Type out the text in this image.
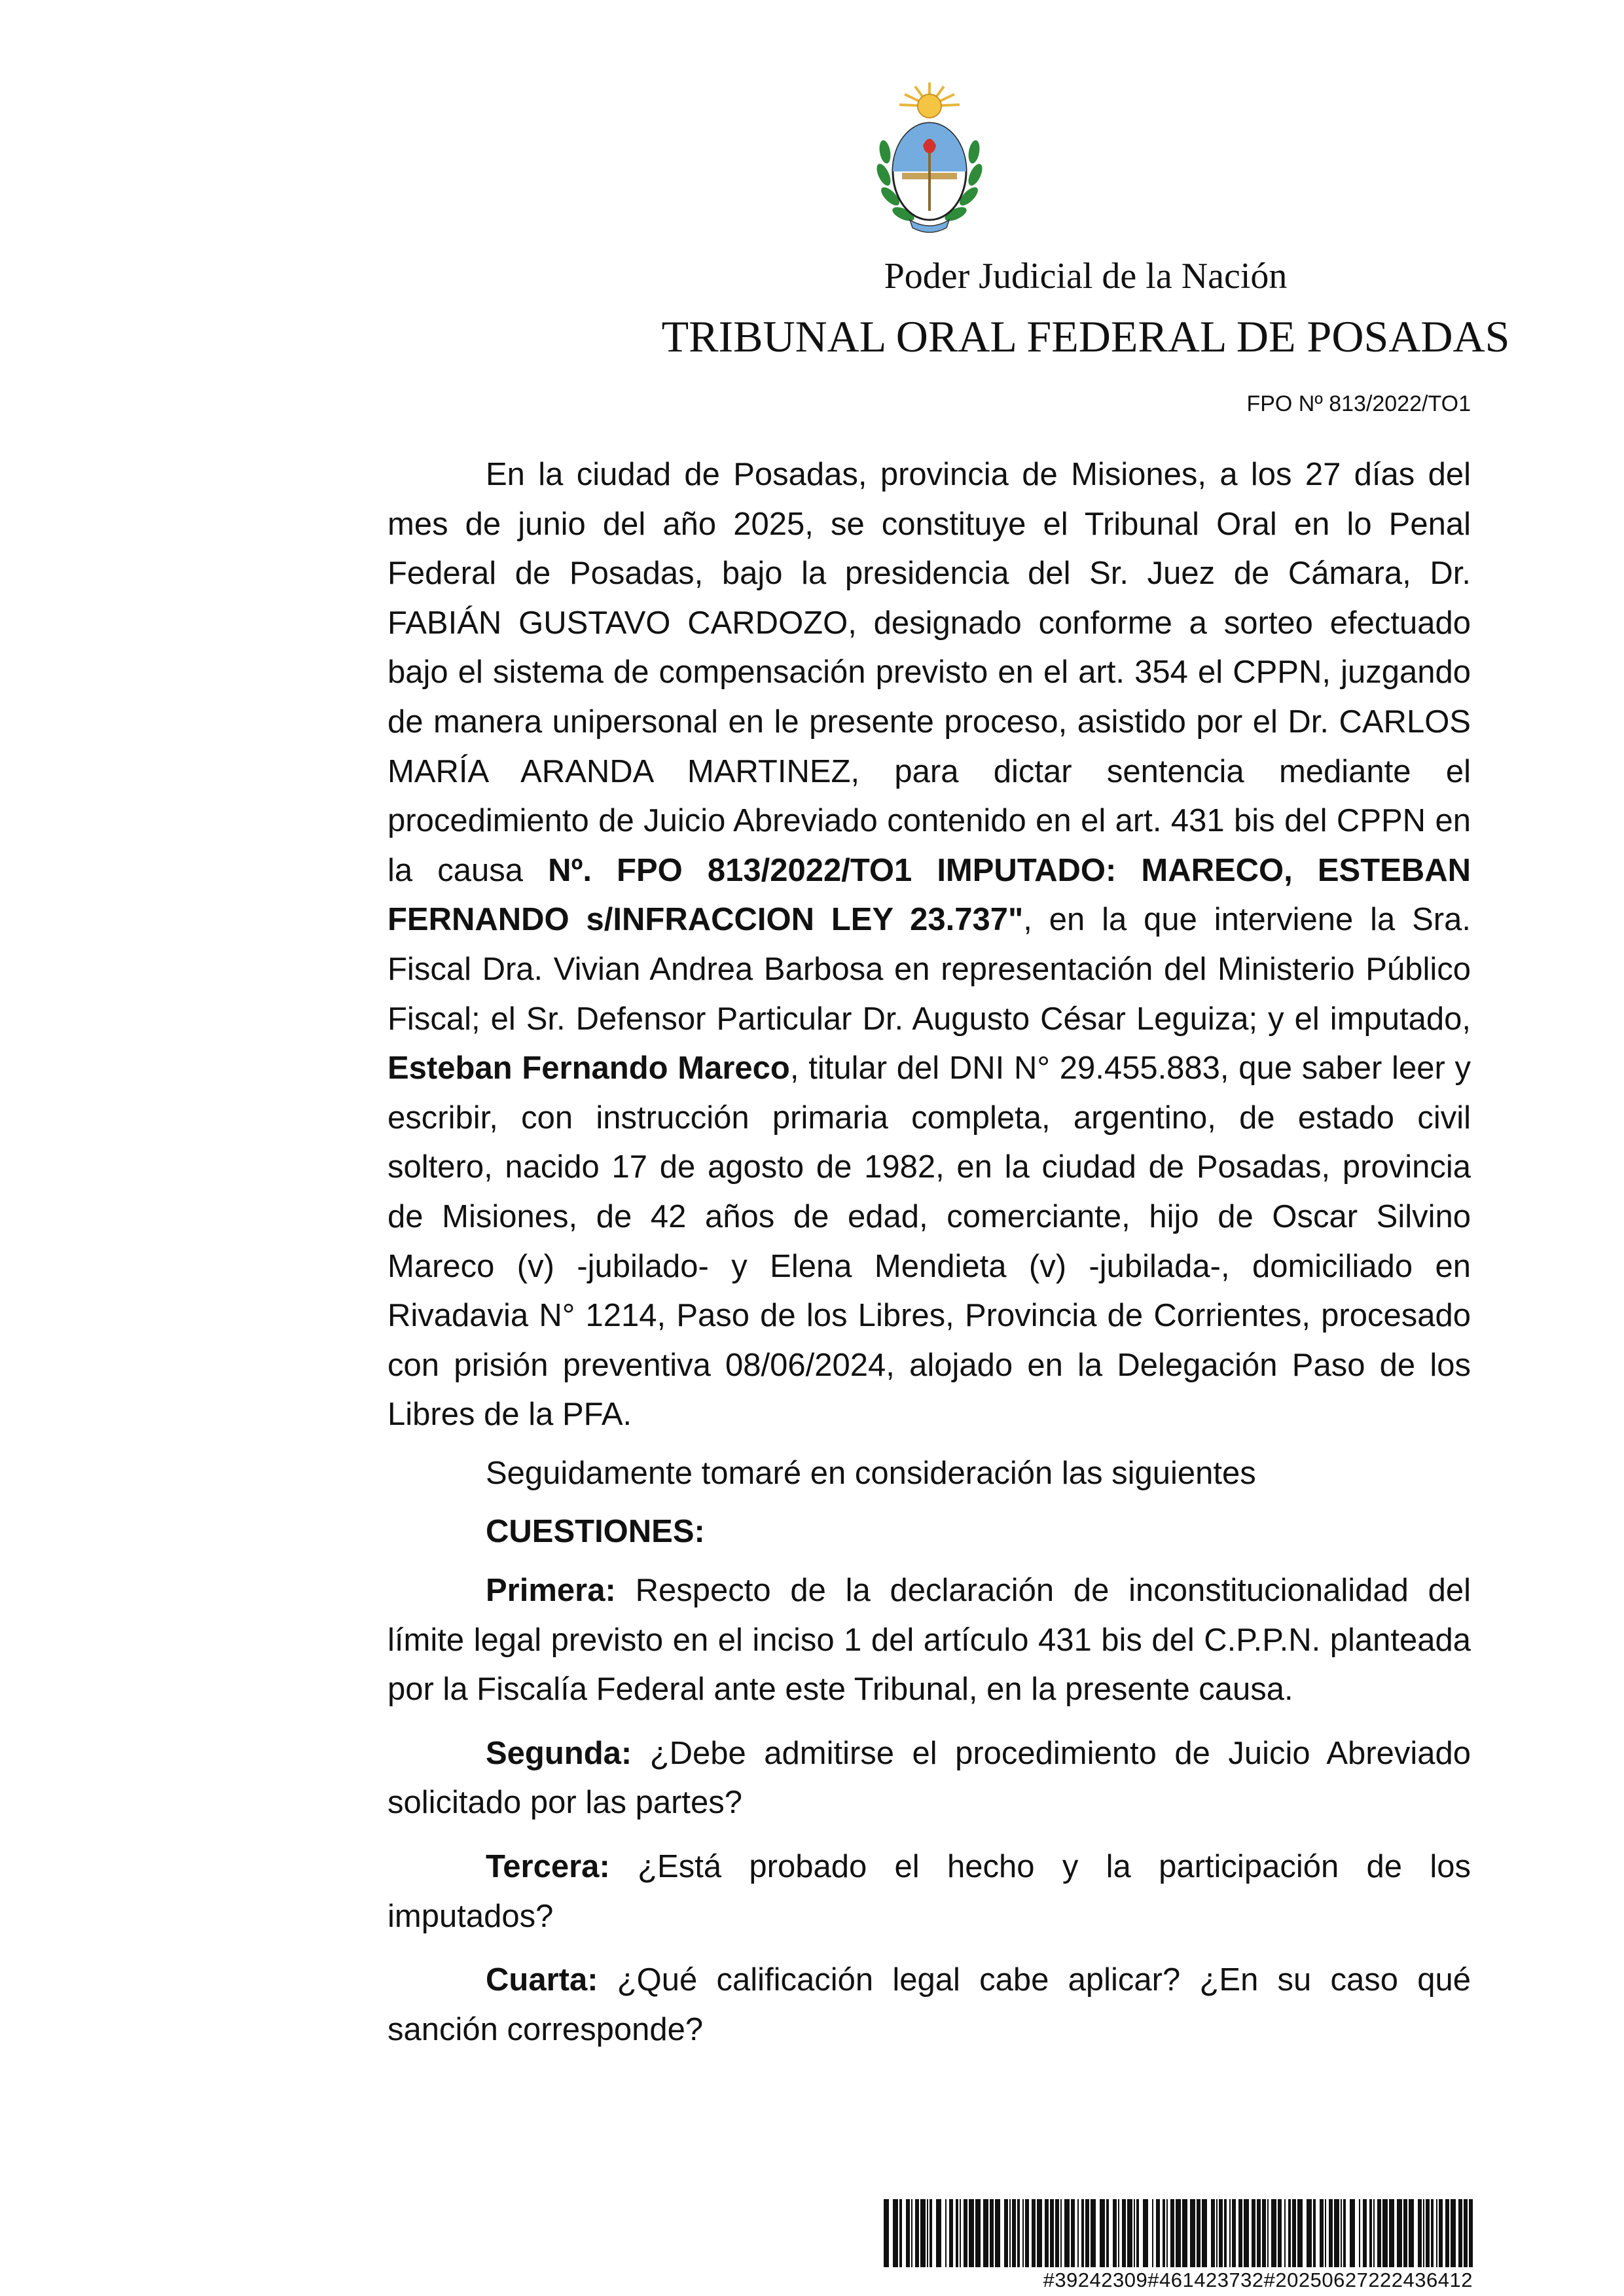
Poder Judicial de la Nación
TRIBUNAL ORAL FEDERAL DE POSADAS
FPO Nº 813/2022/TO1

En la ciudad de Posadas, provincia de Misiones, a los 27 días del mes de junio del año 2025, se constituye el Tribunal Oral en lo Penal Federal de Posadas, bajo la presidencia del Sr. Juez de Cámara, Dr. FABIÁN GUSTAVO CARDOZO, designado conforme a sorteo efectuado bajo el sistema de compensación previsto en el art. 354 el CPPN, juzgando de manera unipersonal en le presente proceso, asistido por el Dr. CARLOS MARÍA ARANDA MARTINEZ, para dictar sentencia mediante el procedimiento de Juicio Abreviado contenido en el art. 431 bis del CPPN en la causa Nº. FPO 813/2022/TO1 IMPUTADO: MARECO, ESTEBAN FERNANDO s/INFRACCION LEY 23.737", en la que interviene la Sra. Fiscal Dra. Vivian Andrea Barbosa en representación del Ministerio Público Fiscal; el Sr. Defensor Particular Dr. Augusto César Leguiza; y el imputado, Esteban Fernando Mareco, titular del DNI N° 29.455.883, que saber leer y escribir, con instrucción primaria completa, argentino, de estado civil soltero, nacido 17 de agosto de 1982, en la ciudad de Posadas, provincia de Misiones, de 42 años de edad, comerciante, hijo de Oscar Silvino Mareco (v) -jubilado- y Elena Mendieta (v) -jubilada-, domiciliado en Rivadavia N° 1214, Paso de los Libres, Provincia de Corrientes, procesado con prisión preventiva 08/06/2024, alojado en la Delegación Paso de los Libres de la PFA.

Seguidamente tomaré en consideración las siguientes

CUESTIONES:

Primera: Respecto de la declaración de inconstitucionalidad del límite legal previsto en el inciso 1 del artículo 431 bis del C.P.P.N. planteada por la Fiscalía Federal ante este Tribunal, en la presente causa.

Segunda: ¿Debe admitirse el procedimiento de Juicio Abreviado solicitado por las partes?

Tercera: ¿Está probado el hecho y la participación de los imputados?

Cuarta: ¿Qué calificación legal cabe aplicar? ¿En su caso qué sanción corresponde?

#39242309#461423732#20250627222436412
